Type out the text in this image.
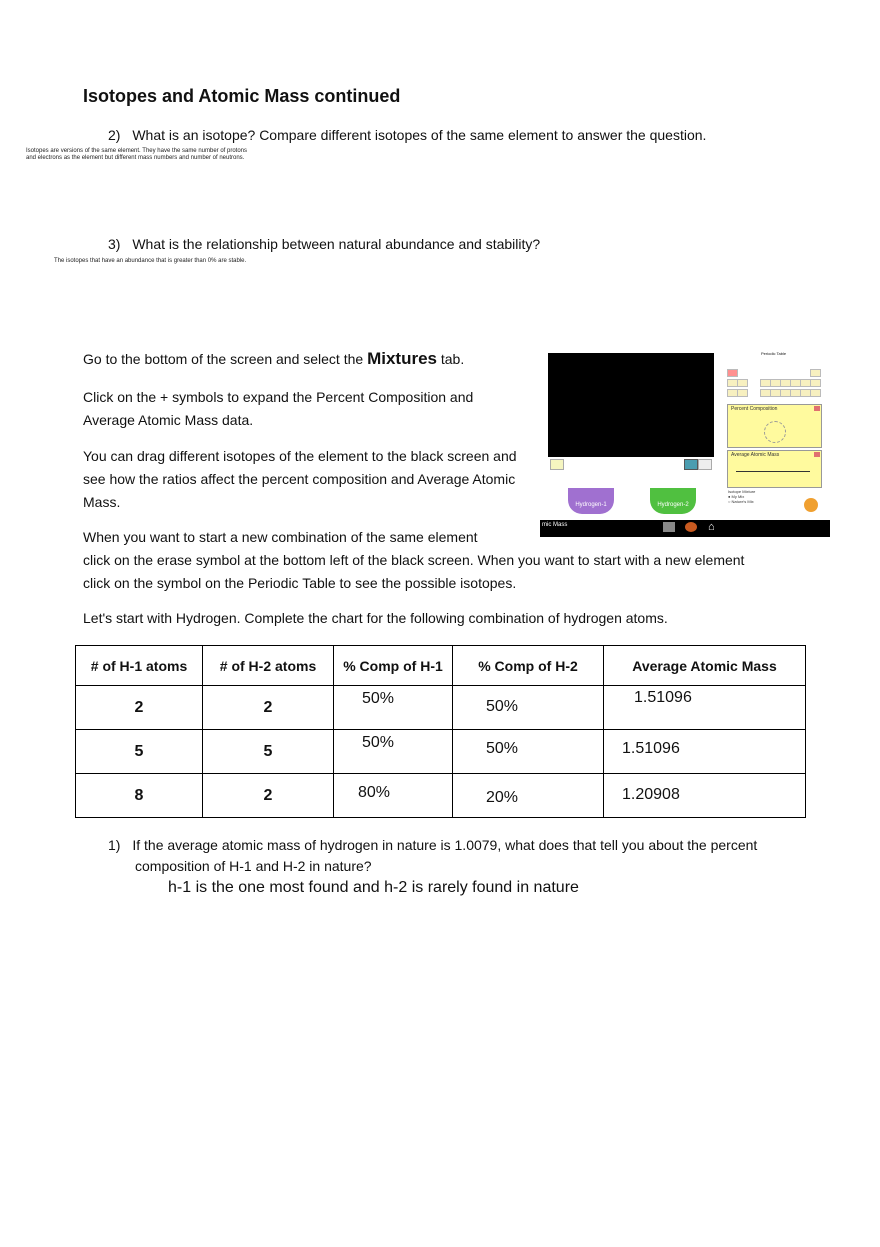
Isotopes and Atomic Mass continued
2) What is an isotope? Compare different isotopes of the same element to answer the question.
Isotopes are versions of the same element. They have the same number of protons
and electrons as the element but different mass numbers and number of neutrons.
3) What is the relationship between natural abundance and stability?
The isotopes that have an abundance that is greater than 0% are stable.
Go to the bottom of the screen and select the Mixtures tab.
Click on the + symbols to expand the Percent Composition and Average Atomic Mass data.
You can drag different isotopes of the element to the black screen and see how the ratios affect the percent composition and Average Atomic Mass.
When you want to start a new combination of the same element
click on the erase symbol at the bottom left of the black screen. When you want to start with a new element
click on the symbol on the Periodic Table to see the possible isotopes.
Let's start with Hydrogen. Complete the chart for the following combination of hydrogen atoms.
Periodic Table
Percent Composition
Average Atomic Mass
Isotope Mixture
● My Mix
○ Nature's Mix
Hydrogen-1	Hydrogen-2
mic Mass	⌂
# of H-1 atoms	# of H-2 atoms	% Comp of H-1	% Comp of H-2	Average Atomic Mass
2	2	50%	50%	1.51096

5	5	50%	50%	1.51096

8	2	80%	20%	1.20908
1) If the average atomic mass of hydrogen in nature is 1.0079, what does that tell you about the percent
composition of H-1 and H-2 in nature?
h-1 is the one most found and h-2 is rarely found in nature
